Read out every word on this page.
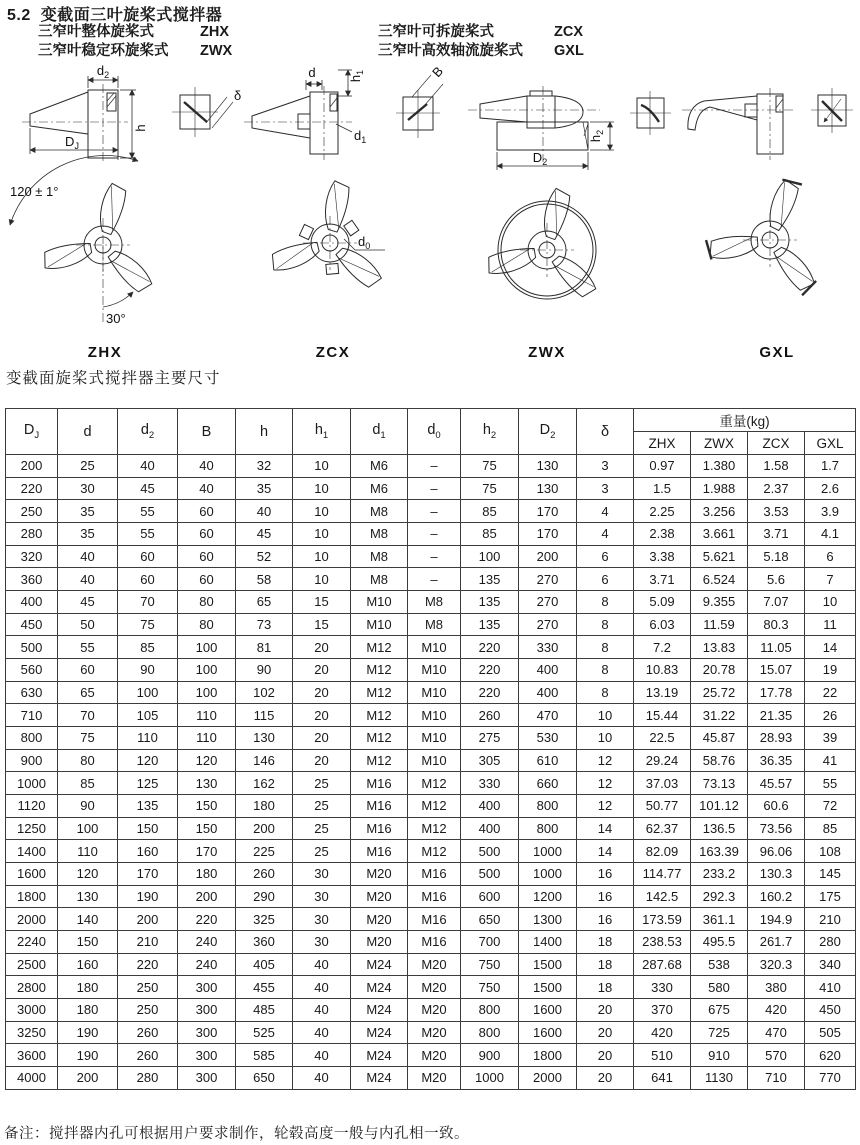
5.2 变截面三叶旋桨式搅拌器
三窄叶整体旋桨式	ZHX
三窄叶稳定环旋桨式	ZWX
三窄叶可拆旋桨式	ZCX
三窄叶高效轴流旋桨式	GXL
$d_2$
h
$D_J$
δ
d $h_1$
$d_1$
B
$D_2$
$h_2$
120 ± 1°
30°
$d_0$
ZHX	ZCX	ZWX	GXL
变截面旋桨式搅拌器主要尺寸
$D_J$	d	$d_2$	B	h	$h_1$	$d_1$	$d_0$	$h_2$	$D_2$	δ	重量(kg)			
											ZHX	ZWX	ZCX	GXL
200	25	40	40	32	10	M6	–	75	130	3	0.97	1.380	1.58	1.7
220	30	45	40	35	10	M6	–	75	130	3	1.5	1.988	2.37	2.6
250	35	55	60	40	10	M8	–	85	170	4	2.25	3.256	3.53	3.9
280	35	55	60	45	10	M8	–	85	170	4	2.38	3.661	3.71	4.1
320	40	60	60	52	10	M8	–	100	200	6	3.38	5.621	5.18	6
360	40	60	60	58	10	M8	–	135	270	6	3.71	6.524	5.6	7
400	45	70	80	65	15	M10	M8	135	270	8	5.09	9.355	7.07	10
450	50	75	80	73	15	M10	M8	135	270	8	6.03	11.59	80.3	11
500	55	85	100	81	20	M12	M10	220	330	8	7.2	13.83	11.05	14
560	60	90	100	90	20	M12	M10	220	400	8	10.83	20.78	15.07	19
630	65	100	100	102	20	M12	M10	220	400	8	13.19	25.72	17.78	22
710	70	105	110	115	20	M12	M10	260	470	10	15.44	31.22	21.35	26
800	75	110	110	130	20	M12	M10	275	530	10	22.5	45.87	28.93	39
900	80	120	120	146	20	M12	M10	305	610	12	29.24	58.76	36.35	41
1000	85	125	130	162	25	M16	M12	330	660	12	37.03	73.13	45.57	55
1120	90	135	150	180	25	M16	M12	400	800	12	50.77	101.12	60.6	72
1250	100	150	150	200	25	M16	M12	400	800	14	62.37	136.5	73.56	85
1400	110	160	170	225	25	M16	M12	500	1000	14	82.09	163.39	96.06	108
1600	120	170	180	260	30	M20	M16	500	1000	16	114.77	233.2	130.3	145
1800	130	190	200	290	30	M20	M16	600	1200	16	142.5	292.3	160.2	175
2000	140	200	220	325	30	M20	M16	650	1300	16	173.59	361.1	194.9	210
2240	150	210	240	360	30	M20	M16	700	1400	18	238.53	495.5	261.7	280
2500	160	220	240	405	40	M24	M20	750	1500	18	287.68	538	320.3	340
2800	180	250	300	455	40	M24	M20	750	1500	18	330	580	380	410
3000	180	250	300	485	40	M24	M20	800	1600	20	370	675	420	450
3250	190	260	300	525	40	M24	M20	800	1600	20	420	725	470	505
3600	190	260	300	585	40	M24	M20	900	1800	20	510	910	570	620
4000	200	280	300	650	40	M24	M20	1000	2000	20	641	1130	710	770
备注：搅拌器内孔可根据用户要求制作，轮毂高度一般与内孔相一致。
